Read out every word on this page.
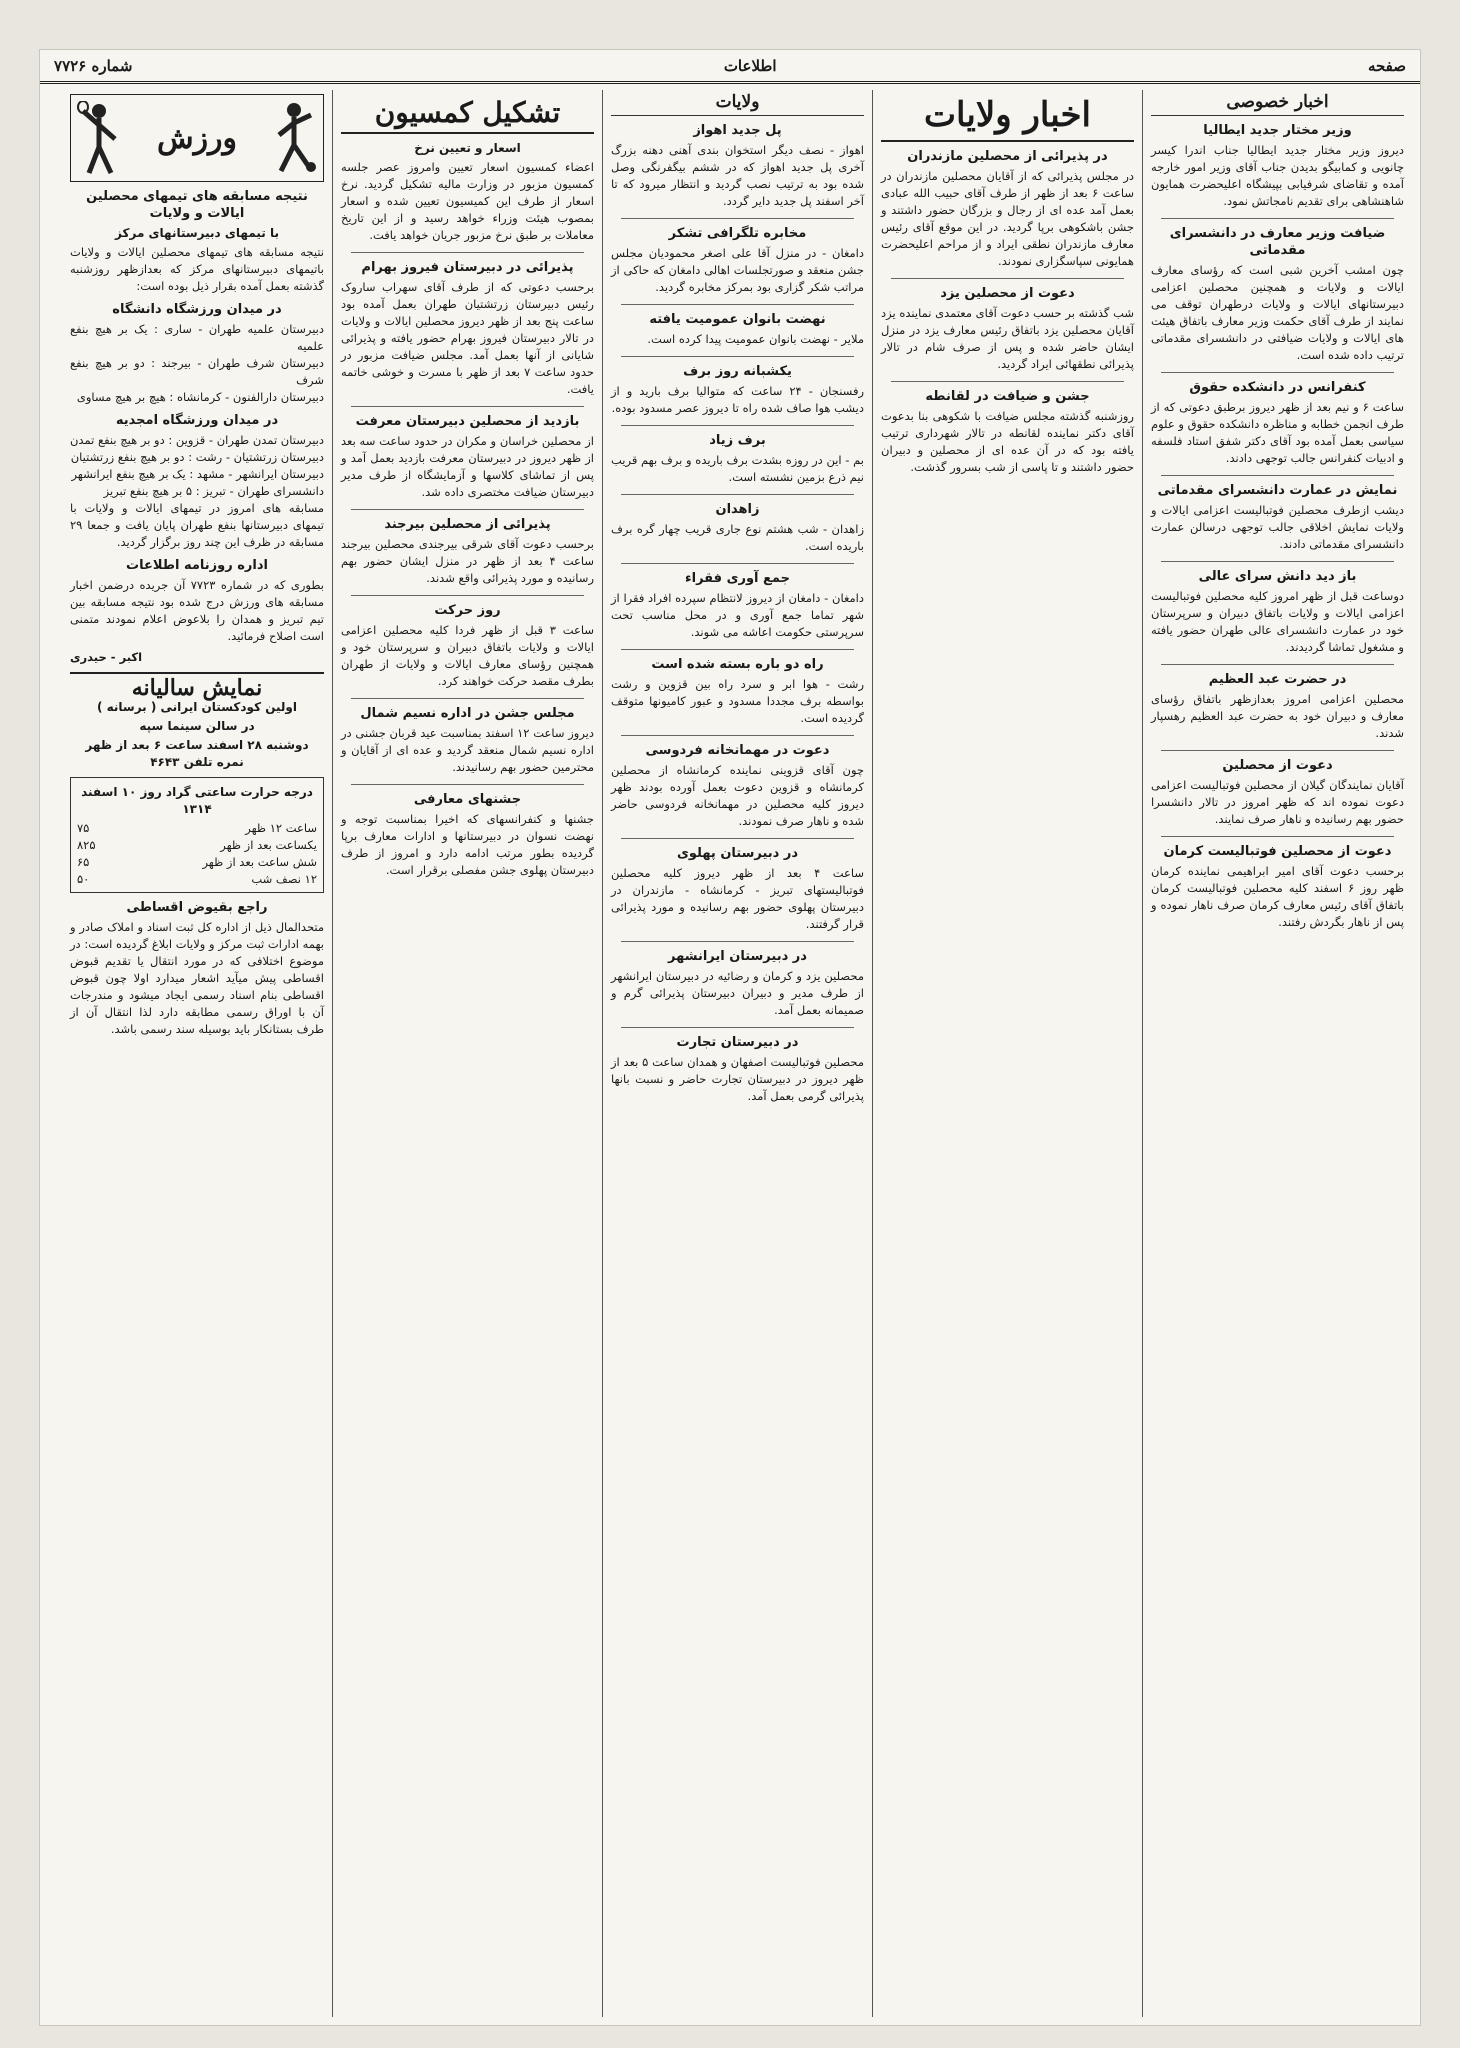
صفحه
اطلاعات
شماره ۷۷۲۶
اخبار خصوصی
وزیر مختار جدید ایطالیا

دیروز وزیر مختار جدید ایطالیا جناب اندرا کیسر چانویی و کمابیگو بدیدن جناب آقای وزیر امور خارجه آمده و تقاضای شرفیابی بپیشگاه اعلیحضرت همایون شاهنشاهی برای تقدیم نامجاتش نمود.

ضیافت وزیر معارف در دانشسرای مقدماتی

چون امشب آخرین شبی است که رؤسای معارف ایالات و ولایات و همچنین محصلین اعزامی دبیرستانهای ایالات و ولایات درطهران توقف می نمایند از طرف آقای حکمت وزیر معارف باتفاق هیئت های ایالات و ولایات ضیافتی در دانشسرای مقدماتی ترتیب داده شده است.

کنفرانس در دانشکده حقوق

ساعت ۶ و نیم بعد از ظهر دیروز برطبق دعوتی که از طرف انجمن خطابه و مناظره دانشکده حقوق و علوم سیاسی بعمل آمده بود آقای دکتر شفق استاد فلسفه و ادبیات کنفرانس جالب توجهی دادند.

نمایش در عمارت دانشسرای مقدماتی

دیشب ازطرف محصلین فوتبالیست اعزامی ایالات و ولایات نمایش اخلاقی جالب توجهی درسالن عمارت دانشسرای مقدماتی دادند.

باز دید دانش سرای عالی

دوساعت قبل از ظهر امروز کلیه محصلین فوتبالیست اعزامی ایالات و ولایات باتفاق دبیران و سرپرستان خود در عمارت دانشسرای عالی طهران حضور یافته و مشغول تماشا گردیدند.

در حضرت عبد العظیم

محصلین اعزامی امروز بعدازظهر باتفاق رؤسای معارف و دبیران خود به حضرت عبد العظیم رهسپار شدند.

دعوت از محصلین

آقایان نمایندگان گیلان از محصلین فوتبالیست اعزامی دعوت نموده اند که ظهر امروز در تالار دانشسرا حضور بهم رسانیده و ناهار صرف نمایند.

دعوت از محصلین فوتبالیست کرمان

برحسب دعوت آقای امیر ابراهیمی نماینده کرمان ظهر روز ۶ اسفند کلیه محصلین فوتبالیست کرمان باتفاق آقای رئیس معارف کرمان صرف ناهار نموده و پس از ناهار بگردش رفتند.

اخبار ولایات
در پذیرائی از محصلین مازندران

در مجلس پذیرائی که از آقایان محصلین مازندران در ساعت ۶ بعد از ظهر از طرف آقای حبیب الله عبادی بعمل آمد عده ای از رجال و بزرگان حضور داشتند و جشن باشکوهی برپا گردید. در این موقع آقای رئیس معارف مازندران نطقی ایراد و از مراحم اعلیحضرت همایونی سپاسگزاری نمودند.

دعوت از محصلین یزد

شب گذشته بر حسب دعوت آقای معتمدی نماینده یزد آقایان محصلین یزد باتفاق رئیس معارف یزد در منزل ایشان حاضر شده و پس از صرف شام در تالار پذیرائی نطقهائی ایراد گردید.

جشن و ضیافت در لقانطه

روزشنبه گذشته مجلس ضیافت با شکوهی بنا بدعوت آقای دکتر نماینده لقانطه در تالار شهرداری ترتیب یافته بود که در آن عده ای از محصلین و دبیران حضور داشتند و تا پاسی از شب بسرور گذشت.

ولایات
پل جدید اهواز

اهواز - نصف دیگر استخوان بندی آهنی دهنه بزرگ آخری پل جدید اهواز که در ششم بیگفرنگی وصل شده بود به ترتیب نصب گردید و انتظار میرود که تا آخر اسفند پل جدید دایر گردد.

مخابره تلگرافی تشکر

دامغان - در منزل آقا علی اصغر محمودیان مجلس جشن منعقد و صورتجلسات اهالی دامغان که حاکی از مراتب شکر گزاری بود بمرکز مخابره گردید.

نهضت بانوان عمومیت یافته

ملایر - نهضت بانوان عمومیت پیدا کرده است.

یکشبانه روز برف

رفسنجان - ۲۴ ساعت که متوالیا برف بارید و از دیشب هوا صاف شده راه تا دیروز عصر مسدود بوده.

برف زیاد

بم - این در روزه بشدت برف باریده و برف بهم قریب نیم ذرع بزمین نشسته است.

زاهدان

زاهدان - شب هشتم نوع جاری قریب چهار گره برف باریده است.

جمع آوری فقراء

دامغان - دامغان از دیروز لانتظام سپرده افراد فقرا از شهر تماما جمع آوری و در محل مناسب تحت سرپرستی حکومت اعاشه می شوند.

راه دو باره بسته شده است

رشت - هوا ابر و سرد راه بین قزوین و رشت بواسطه برف مجددا مسدود و عبور کامیونها متوقف گردیده است.

دعوت در مهمانخانه فردوسی

چون آقای قزوینی نماینده کرمانشاه از محصلین کرمانشاه و قزوین دعوت بعمل آورده بودند ظهر دیروز کلیه محصلین در مهمانخانه فردوسی حاضر شده و ناهار صرف نمودند.

در دبیرستان پهلوی

ساعت ۴ بعد از ظهر دیروز کلیه محصلین فوتبالیستهای تبریز - کرمانشاه - مازندران در دبیرستان پهلوی حضور بهم رسانیده و مورد پذیرائی قرار گرفتند.

در دبیرستان ایرانشهر

محصلین یزد و کرمان و رضائیه در دبیرستان ایرانشهر از طرف مدیر و دبیران دبیرستان پذیرائی گرم و صمیمانه بعمل آمد.

در دبیرستان تجارت

محصلین فوتبالیست اصفهان و همدان ساعت ۵ بعد از ظهر دیروز در دبیرستان تجارت حاضر و نسبت بانها پذیرائی گرمی بعمل آمد.

تشکیل کمسیون
اسعار و تعیین نرخ

اعضاء کمسیون اسعار تعیین وامروز عصر جلسه کمسیون مزبور در وزارت مالیه تشکیل گردید. نرخ اسعار از طرف این کمیسیون تعیین شده و اسعار بمصوب هیئت وزراء خواهد رسید و از این تاریخ معاملات بر طبق نرخ مزبور جریان خواهد یافت.

پذیرائی در دبیرستان فیروز بهرام

برحسب دعوتی که از طرف آقای سهراب ساروک رئیس دبیرستان زرتشتیان طهران بعمل آمده بود ساعت پنج بعد از ظهر دیروز محصلین ایالات و ولایات در تالار دبیرستان فیروز بهرام حضور یافته و پذیرائی شایانی از آنها بعمل آمد. مجلس ضیافت مزبور در حدود ساعت ۷ بعد از ظهر با مسرت و خوشی خاتمه یافت.

بازدید از محصلین دبیرستان معرفت

از محصلین خراسان و مکران در حدود ساعت سه بعد از ظهر دیروز در دبیرستان معرفت بازدید بعمل آمد و پس از تماشای کلاسها و آزمایشگاه از طرف مدیر دبیرستان ضیافت مختصری داده شد.

پذیرائی از محصلین بیرجند

برحسب دعوت آقای شرقی بیرجندی محصلین بیرجند ساعت ۴ بعد از ظهر در منزل ایشان حضور بهم رسانیده و مورد پذیرائی واقع شدند.

روز حرکت

ساعت ۳ قبل از ظهر فردا کلیه محصلین اعزامی ایالات و ولایات باتفاق دبیران و سرپرستان خود و همچنین رؤسای معارف ایالات و ولایات از طهران بطرف مقصد حرکت خواهند کرد.

مجلس جشن در اداره نسیم شمال

دیروز ساعت ۱۲ اسفند بمناسبت عید قربان جشنی در اداره نسیم شمال منعقد گردید و عده ای از آقایان و محترمین حضور بهم رسانیدند.

جشنهای معارفی

جشنها و کنفرانسهای که اخیرا بمناسبت توجه و نهضت نسوان در دبیرستانها و ادارات معارف برپا گردیده بطور مرتب ادامه دارد و امروز از طرف دبیرستان پهلوی جشن مفصلی برقرار است.

ورزش
نتیجه مسابقه های تیمهای محصلین ایالات و ولایات
با تیمهای دبیرستانهای مرکز

نتیجه مسابقه های تیمهای محصلین ایالات و ولایات باتیمهای دبیرستانهای مرکز که بعدازظهر روزشنبه گذشته بعمل آمده بقرار ذیل بوده است:

در میدان ورزشگاه دانشگاه
دبیرستان علمیه طهران - ساری : یک بر هیچ بنفع علمیه
دبیرستان شرف طهران - بیرجند : دو بر هیچ بنفع شرف
دبیرستان دارالفنون - کرمانشاه : هیچ بر هیچ مساوی
در میدان ورزشگاه امجدیه
دبیرستان تمدن طهران - قزوین : دو بر هیچ بنفع تمدن
دبیرستان زرتشتیان - رشت : دو بر هیچ بنفع زرتشتیان
دبیرستان ایرانشهر - مشهد : یک بر هیچ بنفع ایرانشهر
دانشسرای طهران - تبریز : ۵ بر هیچ بنفع تبریز

مسابقه های امروز در تیمهای ایالات و ولایات با تیمهای دبیرستانها بنفع طهران پایان یافت و جمعا ۲۹ مسابقه در ظرف این چند روز برگزار گردید.

اداره روزنامه اطلاعات

بطوری که در شماره ۷۷۲۳ آن جریده درضمن اخبار مسابقه های ورزش درج شده بود نتیجه مسابقه بین تیم تبریز و همدان را بلاعوض اعلام نمودند متمنی است اصلاح فرمائید.

اکبر - حیدری
نمایش سالیانه
اولین کودکستان ایرانی ( برسانه )
در سالن سینما سپه
دوشنبه ۲۸ اسفند ساعت ۶ بعد از ظهر نمره تلفن ۴۶۴۳
درجه حرارت ساعتی گراد روز ۱۰ اسفند ۱۳۱۴
ساعت ۱۲ ظهر
۷۵
یکساعت بعد از ظهر
۸۲۵
شش ساعت بعد از ظهر
۶۵
۱۲ نصف شب
۵۰
راجع بقیوض اقساطی

متحدالمال ذیل از اداره کل ثبت اسناد و املاک صادر و بهمه ادارات ثبت مرکز و ولایات ابلاغ گردیده است: در موضوع اختلافی که در مورد انتقال یا تقدیم قبوض اقساطی پیش میآید اشعار میدارد اولا چون قبوض اقساطی بنام اسناد رسمی ایجاد میشود و مندرجات آن با اوراق رسمی مطابقه دارد لذا انتقال آن از طرف بستانکار باید بوسیله سند رسمی باشد.
